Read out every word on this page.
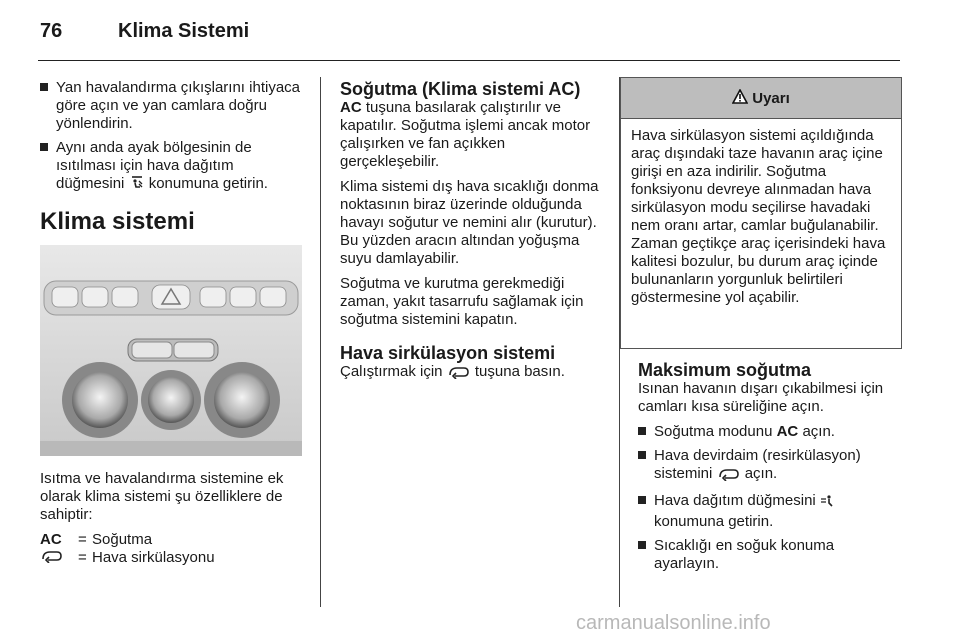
76	Klima Sistemi
Yan havalandırma çıkışlarını ihtiyaca göre açın ve yan camlara doğru yönlendirin.
Aynı anda ayak bölgesinin de ısıtılması için hava dağıtım düğmesini konumuna getirin.
Klima sistemi

Isıtma ve havalandırma sistemine ek olarak klima sistemi şu özelliklere de sahiptir:

AC	= Soğutma
= Hava sirkülasyonu
Soğutma (Klima sistemi AC)

AC tuşuna basılarak çalıştırılır ve kapatılır. Soğutma işlemi ancak motor çalışırken ve fan açıkken gerçekleşebilir.

Klima sistemi dış hava sıcaklığı donma noktasının biraz üzerinde olduğunda havayı soğutur ve nemini alır (kurutur). Bu yüzden aracın altından yoğuşma suyu damlayabilir.

Soğutma ve kurutma gerekmediği zaman, yakıt tasarrufu sağlamak için soğutma sistemini kapatın.

Hava sirkülasyon sistemi

Çalıştırmak için tuşuna basın.

Uyarı
Hava sirkülasyon sistemi açıldığında araç dışındaki taze havanın araç içine girişi en aza indirilir. Soğutma fonksiyonu devreye alınmadan hava sirkülasyon modu seçilirse havadaki nem oranı artar, camlar buğulanabilir. Zaman geçtikçe araç içerisindeki hava kalitesi bozulur, bu durum araç içinde bulunanların yorgunluk belirtileri göstermesine yol açabilir.
Maksimum soğutma

Isınan havanın dışarı çıkabilmesi için camları kısa süreliğine açın.

Soğutma modunu AC açın.
Hava devirdaim (resirkülasyon) sistemini açın.
Hava dağıtım düğmesini  konumuna getirin.
Sıcaklığı en soğuk konuma ayarlayın.
carmanualsonline.info
